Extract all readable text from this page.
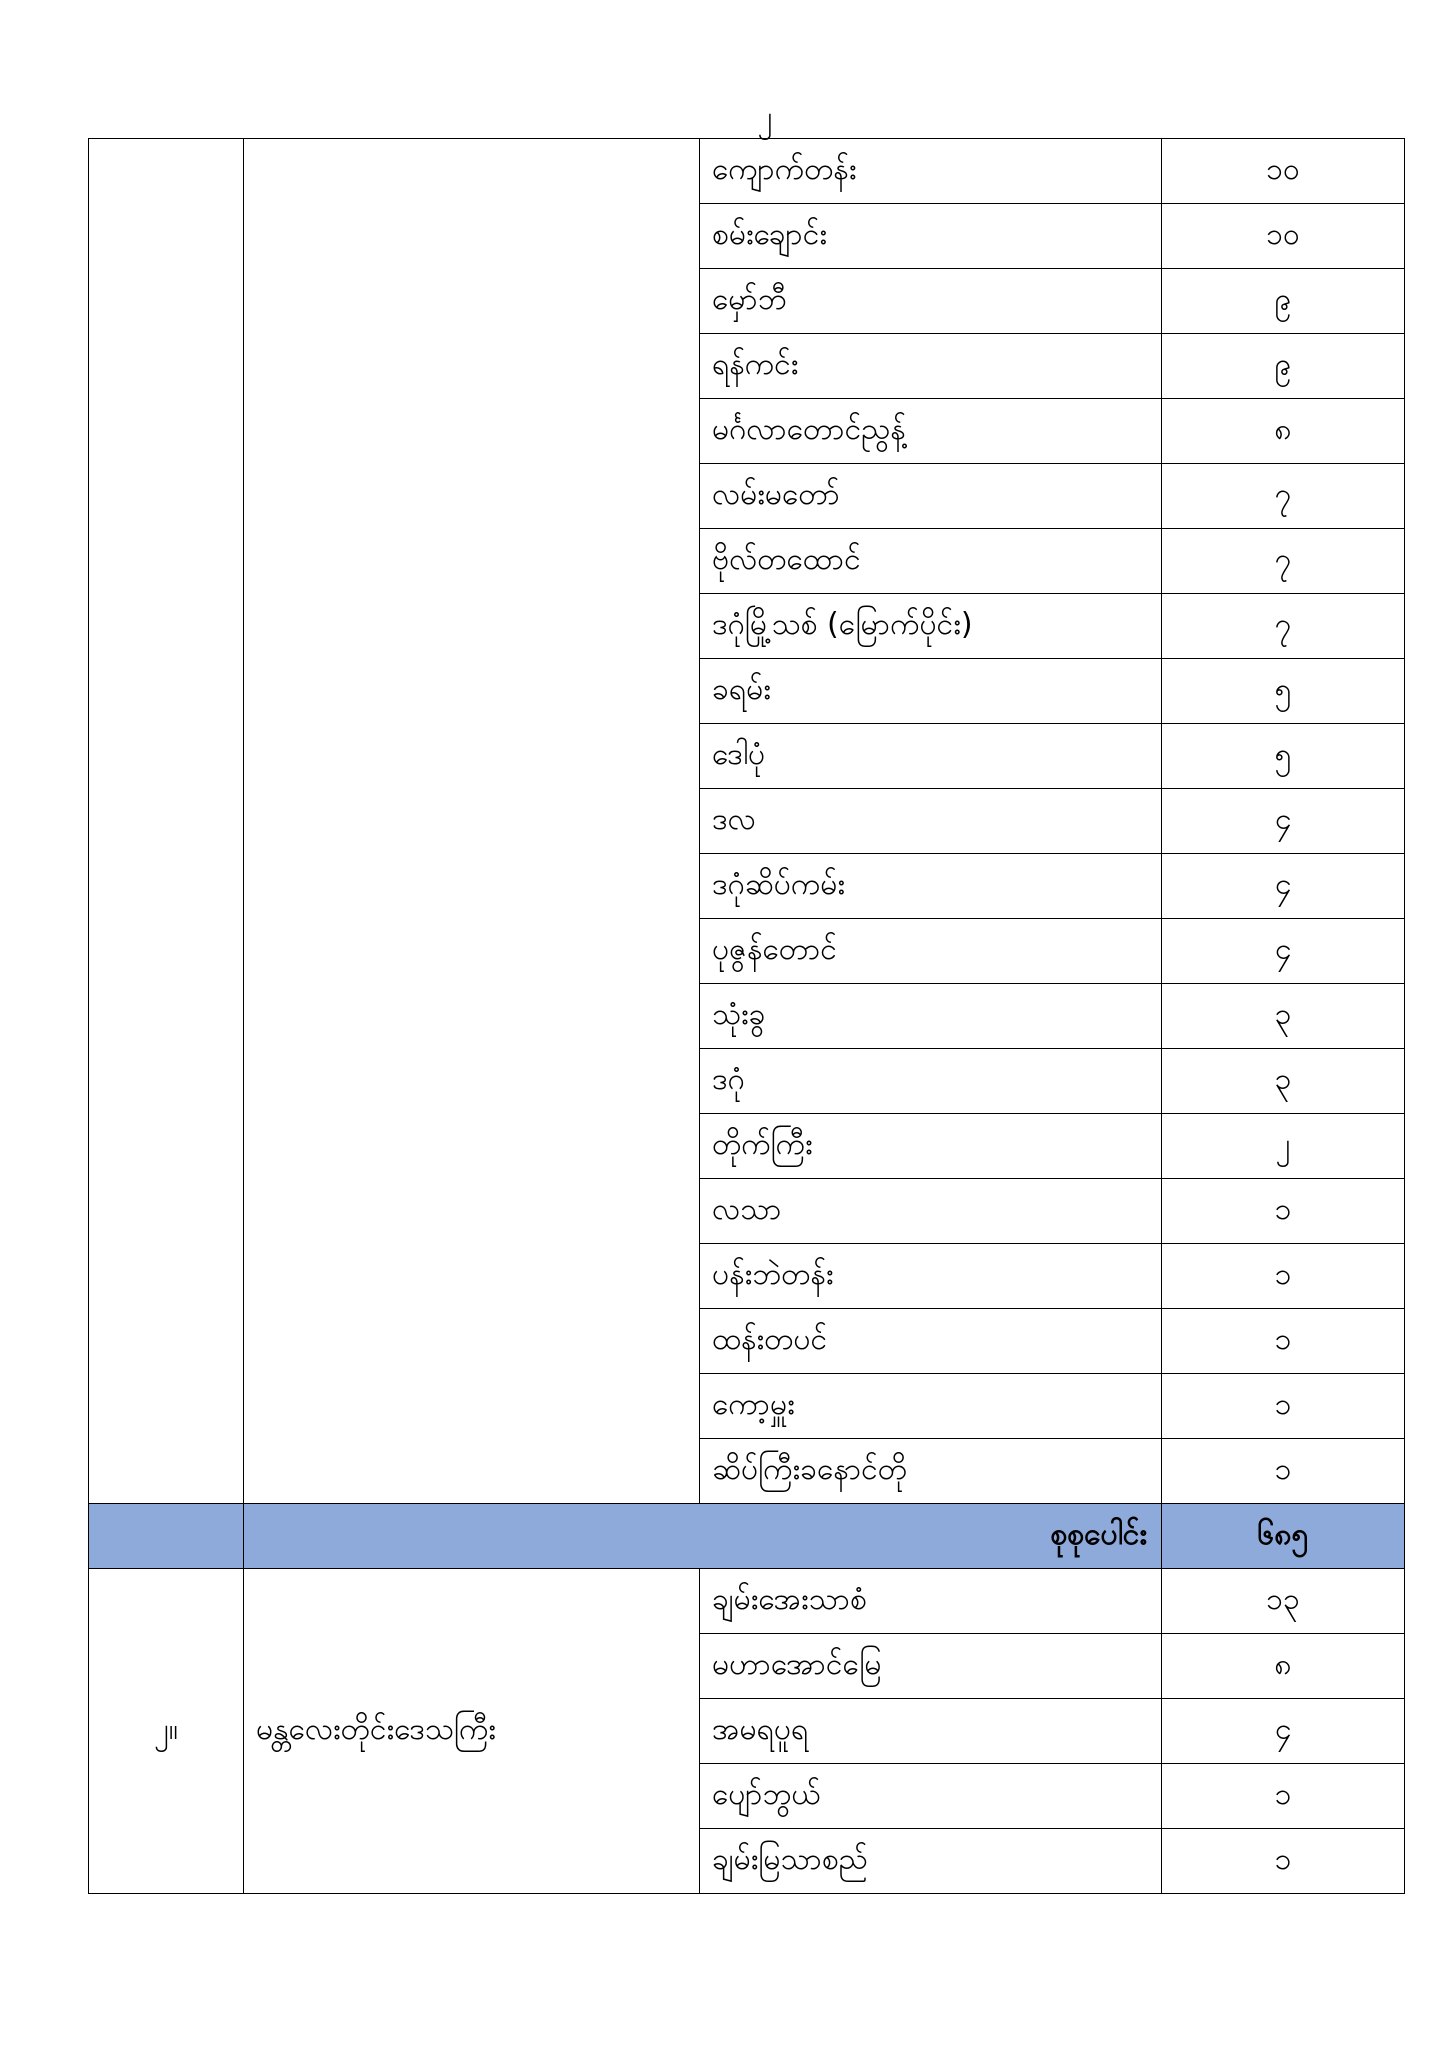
၂
		ကျောက်တန်း	၁၀
		စမ်းချောင်း	၁၀
		မှော်ဘီ	၉
		ရန်ကင်း	၉
		မင်္ဂလာတောင်ညွန့်	၈
		လမ်းမတော်	၇
		ဗိုလ်တထောင်	၇
		ဒဂုံမြို့သစ် (မြောက်ပိုင်း)	၇
		ခရမ်း	၅
		ဒေါပုံ	၅
		ဒလ	၄
		ဒဂုံဆိပ်ကမ်း	၄
		ပုဇွန်တောင်	၄
		သုံးခွ	၃
		ဒဂုံ	၃
		တိုက်ကြီး	၂
		လသာ	၁
		ပန်းဘဲတန်း	၁
		ထန်းတပင်	၁
		ကော့မှူး	၁
		ဆိပ်ကြီးခနောင်တို	၁
	စုစုပေါင်း		၆၈၅
၂။	မန္တလေးတိုင်းဒေသကြီး	ချမ်းအေးသာစံ	၁၃
		မဟာအောင်မြေ	၈
		အမရပူရ	၄
		ပျော်ဘွယ်	၁
		ချမ်းမြသာစည်	၁
